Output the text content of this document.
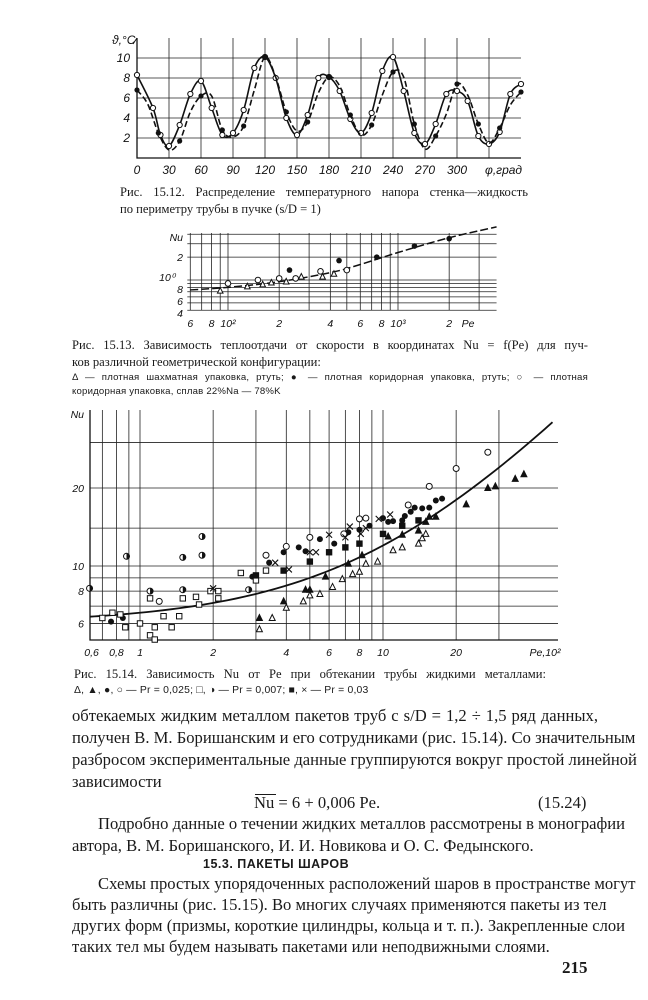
0 30 60 90 120 150 180 210 240 270 300
2
4
6
8
10
ϑ,°C
φ,град
6 8 10²	2	4 6 8 10³	2 Pe
Nu
2
10⁰
8
6
4
0,6 0,8 1	2	4	6 8 10	20	Pe,10²
Nu
20
10
8
6
Рис. 15.12. Распределение температурного напора стенка—жидкость
по периметру трубы в пучке (s/D = 1)
Рис. 15.13. Зависимость теплоотдачи от скорости в координатах Nu = f(Pe) для пуч-
ков различной геометрической конфигурации:
Δ — плотная шахматная упаковка, ртуть; ● — плотная коридорная упаковка, ртуть; ○ — плотная
коридорная упаковка, сплав 22%Na — 78%K
Рис. 15.14. Зависимость Nu от Pe при обтекании трубы жидкими металлами:
Δ, ▲, ●, ○ — Pr = 0,025; □, ◑ — Pr = 0,007; ■, × — Pr = 0,03
обтекаемых жидким металлом пакетов труб с s/D = 1,2 ÷ 1,5 ряд данных,
получен В. М. Боришанским и его сотрудниками (рис. 15.14). Со значительным
разбросом экспериментальные данные группируются вокруг простой линейной
зависимости
Nu = 6 + 0,006 Pe.	(15.24)
Подробно данные о течении жидких металлов рассмотрены в монографии
автора, В. М. Боришанского, И. И. Новикова и О. С. Федынского.
15.3. ПАКЕТЫ ШАРОВ
Схемы простых упорядоченных расположений шаров в пространстве могут
быть различны (рис. 15.15). Во многих случаях применяются пакеты из тел
других форм (призмы, короткие цилиндры, кольца и т. п.). Закрепленные слои
таких тел мы будем называть пакетами или неподвижными слоями.
215
